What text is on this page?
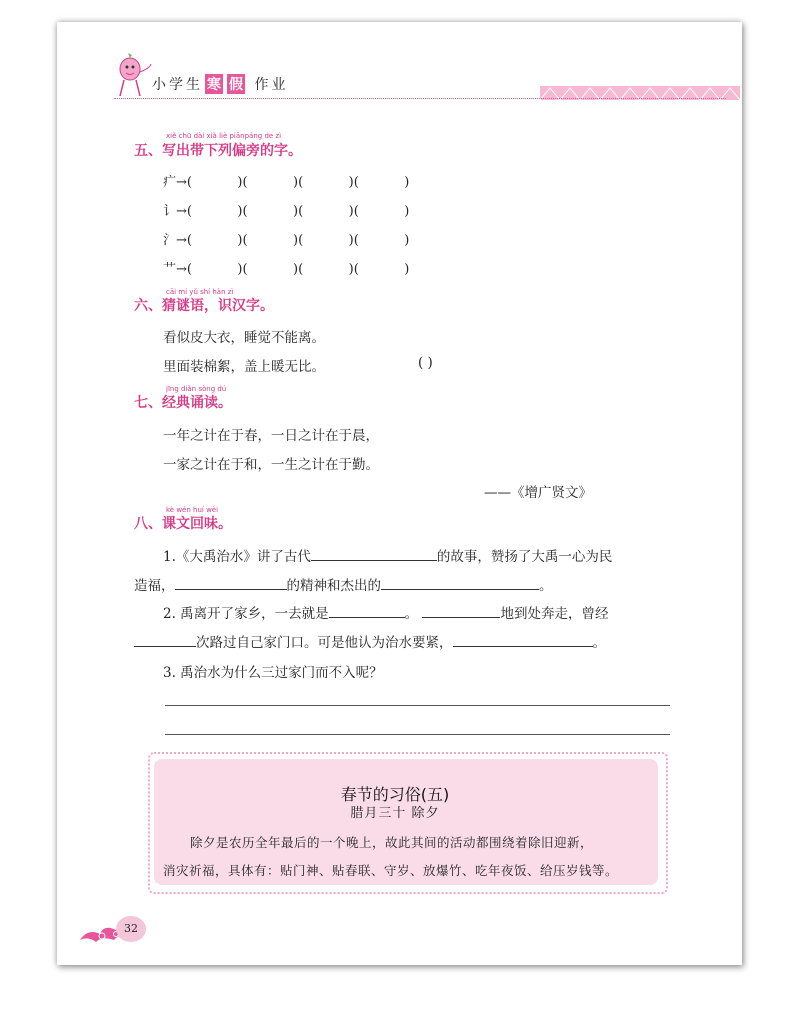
小学生 寒 假 作业
xiě chū dài xià liè piānpáng de zì
五、写出带下列偏旁的字。
疒→(           )(           )(           )(           )
讠→(           )(           )(           )(           )
氵→(           )(           )(           )(           )
艹→(           )(           )(           )(           )
cāi mí yǔ shí hàn zì
六、猜谜语，识汉字。
看似皮大衣，睡觉不能离。
里面装棉絮，盖上暖无比。	( )
jīng diǎn sòng dú
七、经典诵读。
一年之计在于春，一日之计在于晨，
一家之计在于和，一生之计在于勤。
——《增广贤文》
kè wén huí wèi
八、课文回味。
1.《大禹治水》讲了古代	的故事，赞扬了大禹一心为民
造福，	的精神和杰出的	。
2. 禹离开了家乡，一去就是	。	地到处奔走，曾经
次路过自己家门口。可是他认为治水要紧，	。
3. 禹治水为什么三过家门而不入呢？
春节的习俗(五)
腊月三十 除夕
除夕是农历全年最后的一个晚上，故此其间的活动都围绕着除旧迎新，
消灾祈福，具体有：贴门神、贴春联、守岁、放爆竹、吃年夜饭、给压岁钱等。
32
